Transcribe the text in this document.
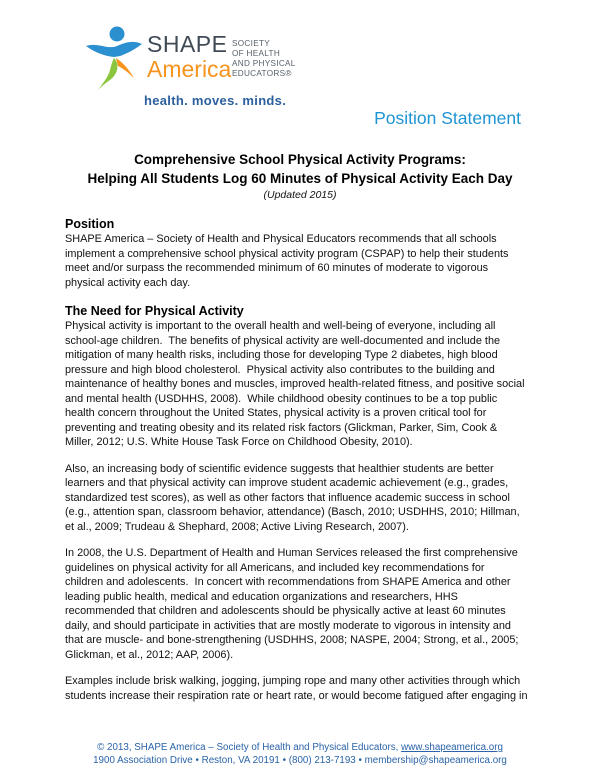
SHAPE
America
SOCIETY
OF HEALTH
AND PHYSICAL
EDUCATORS®
health. moves. minds.
Position Statement
Comprehensive School Physical Activity Programs:
Helping All Students Log 60 Minutes of Physical Activity Each Day
(Updated 2015)
Position
SHAPE America – Society of Health and Physical Educators recommends that all schools
implement a comprehensive school physical activity program (CSPAP) to help their students
meet and/or surpass the recommended minimum of 60 minutes of moderate to vigorous
physical activity each day.
The Need for Physical Activity
Physical activity is important to the overall health and well-being of everyone, including all
school-age children.  The benefits of physical activity are well-documented and include the
mitigation of many health risks, including those for developing Type 2 diabetes, high blood
pressure and high blood cholesterol.  Physical activity also contributes to the building and
maintenance of healthy bones and muscles, improved health-related fitness, and positive social
and mental health (USDHHS, 2008).  While childhood obesity continues to be a top public
health concern throughout the United States, physical activity is a proven critical tool for
preventing and treating obesity and its related risk factors (Glickman, Parker, Sim, Cook &
Miller, 2012; U.S. White House Task Force on Childhood Obesity, 2010).
Also, an increasing body of scientific evidence suggests that healthier students are better
learners and that physical activity can improve student academic achievement (e.g., grades,
standardized test scores), as well as other factors that influence academic success in school
(e.g., attention span, classroom behavior, attendance) (Basch, 2010; USDHHS, 2010; Hillman,
et al., 2009; Trudeau & Shephard, 2008; Active Living Research, 2007).
In 2008, the U.S. Department of Health and Human Services released the first comprehensive
guidelines on physical activity for all Americans, and included key recommendations for
children and adolescents.  In concert with recommendations from SHAPE America and other
leading public health, medical and education organizations and researchers, HHS
recommended that children and adolescents should be physically active at least 60 minutes
daily, and should participate in activities that are mostly moderate to vigorous in intensity and
that are muscle- and bone-strengthening (USDHHS, 2008; NASPE, 2004; Strong, et al., 2005;
Glickman, et al., 2012; AAP, 2006).
Examples include brisk walking, jogging, jumping rope and many other activities through which
students increase their respiration rate or heart rate, or would become fatigued after engaging in
© 2013, SHAPE America – Society of Health and Physical Educators, www.shapeamerica.org
1900 Association Drive • Reston, VA 20191 • (800) 213-7193 • membership@shapeamerica.org
